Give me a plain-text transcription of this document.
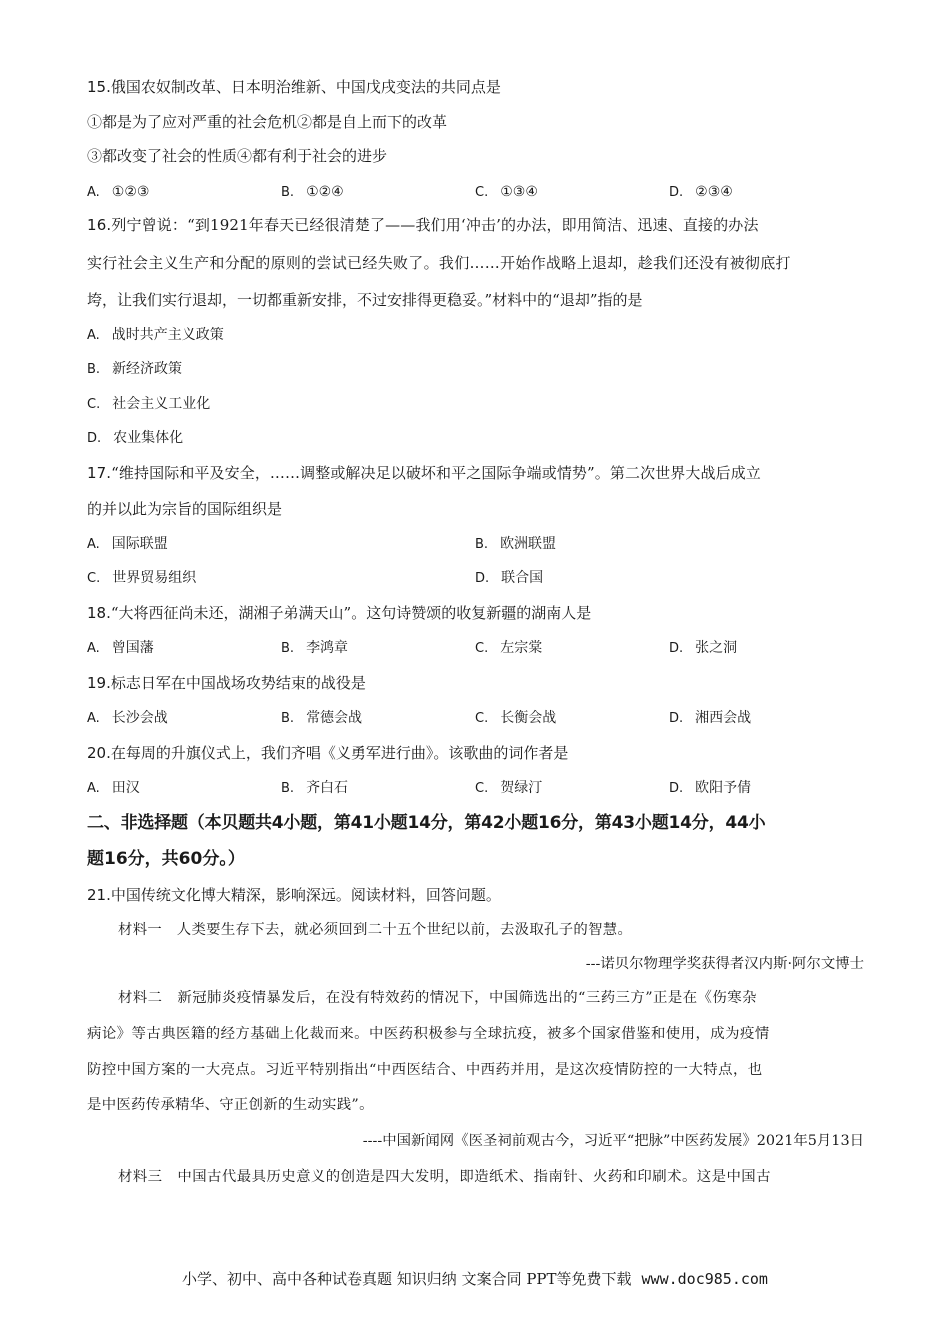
15.俄国农奴制改革、日本明治维新、中国戊戌变法的共同点是
①都是为了应对严重的社会危机②都是自上而下的改革
③都改变了社会的性质④都有利于社会的进步
A. ①②③	B. ①②④	C. ①③④	D. ②③④
16.列宁曾说：“到1921年春天已经很清楚了——我们用‘冲击’的办法，即用简洁、迅速、直接的办法
实行社会主义生产和分配的原则的尝试已经失败了。我们……开始作战略上退却，趁我们还没有被彻底打
垮，让我们实行退却，一切都重新安排，不过安排得更稳妥。”材料中的“退却”指的是
A. 战时共产主义政策
B. 新经济政策
C. 社会主义工业化
D. 农业集体化
17.“维持国际和平及安全，……调整或解决足以破坏和平之国际争端或情势”。第二次世界大战后成立
的并以此为宗旨的国际组织是
A. 国际联盟	B. 欧洲联盟
C. 世界贸易组织	D. 联合国
18.“大将西征尚未还，湖湘子弟满天山”。这句诗赞颂的收复新疆的湖南人是
A. 曾国藩	B. 李鸿章	C. 左宗棠	D. 张之洞
19.标志日军在中国战场攻势结束的战役是
A. 长沙会战	B. 常德会战	C. 长衡会战	D. 湘西会战
20.在每周的升旗仪式上，我们齐唱《义勇军进行曲》。该歌曲的词作者是
A. 田汉	B. 齐白石	C. 贺绿汀	D. 欧阳予倩
二、非选择题（本贝题共4小题，第41小题14分，第42小题16分，第43小题14分，44小
题16分，共60分。）
21.中国传统文化博大精深，影响深远。阅读材料，回答问题。
材料一　人类要生存下去，就必须回到二十五个世纪以前，去汲取孔子的智慧。
---诺贝尔物理学奖获得者汉内斯·阿尔文博士
材料二　新冠肺炎疫情暴发后，在没有特效药的情况下，中国筛选出的“三药三方”正是在《伤寒杂
病论》等古典医籍的经方基础上化裁而来。中医药积极参与全球抗疫，被多个国家借鉴和使用，成为疫情
防控中国方案的一大亮点。习近平特别指出“中西医结合、中西药并用，是这次疫情防控的一大特点，也
是中医药传承精华、守正创新的生动实践”。
----中国新闻网《医圣祠前观古今，习近平“把脉”中医药发展》2021年5月13日
材料三　中国古代最具历史意义的创造是四大发明，即造纸术、指南针、火药和印刷术。这是中国古
小学、初中、高中各种试卷真题 知识归纳 文案合同 PPT等免费下载 www.doc985.com
